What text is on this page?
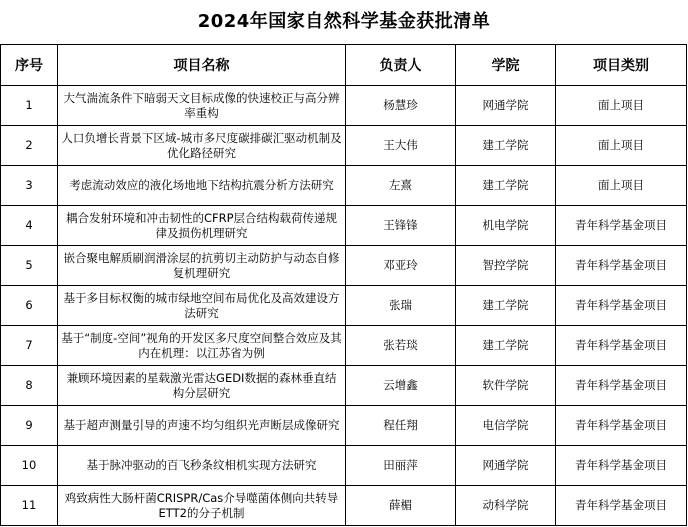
2024年国家自然科学基金获批清单
序号	项目名称	负责人	学院	项目类别
1	大气湍流条件下暗弱天文目标成像的快速校正与高分辨率重构	杨慧珍	网通学院	面上项目
2	人口负增长背景下区域-城市多尺度碳排碳汇驱动机制及优化路径研究	王大伟	建工学院	面上项目
3	考虑流动效应的液化场地地下结构抗震分析方法研究	左熹	建工学院	面上项目
4	耦合发射环境和冲击韧性的CFRP层合结构载荷传递规律及损伤机理研究	王锋锋	机电学院	青年科学基金项目
5	嵌合聚电解质刷润滑涂层的抗剪切主动防护与动态自修复机理研究	邓亚玲	智控学院	青年科学基金项目
6	基于多目标权衡的城市绿地空间布局优化及高效建设方法研究	张瑞	建工学院	青年科学基金项目
7	基于“制度-空间”视角的开发区多尺度空间整合效应及其内在机理：以江苏省为例	张若琰	建工学院	青年科学基金项目
8	兼顾环境因素的星载激光雷达GEDI数据的森林垂直结构分层研究	云增鑫	软件学院	青年科学基金项目
9	基于超声测量引导的声速不均匀组织光声断层成像研究	程任翔	电信学院	青年科学基金项目
10	基于脉冲驱动的百飞秒条纹相机实现方法研究	田丽萍	网通学院	青年科学基金项目
11	鸡致病性大肠杆菌CRISPR/Cas介导噬菌体侧向共转导ETT2的分子机制	薛楣	动科学院	青年科学基金项目
